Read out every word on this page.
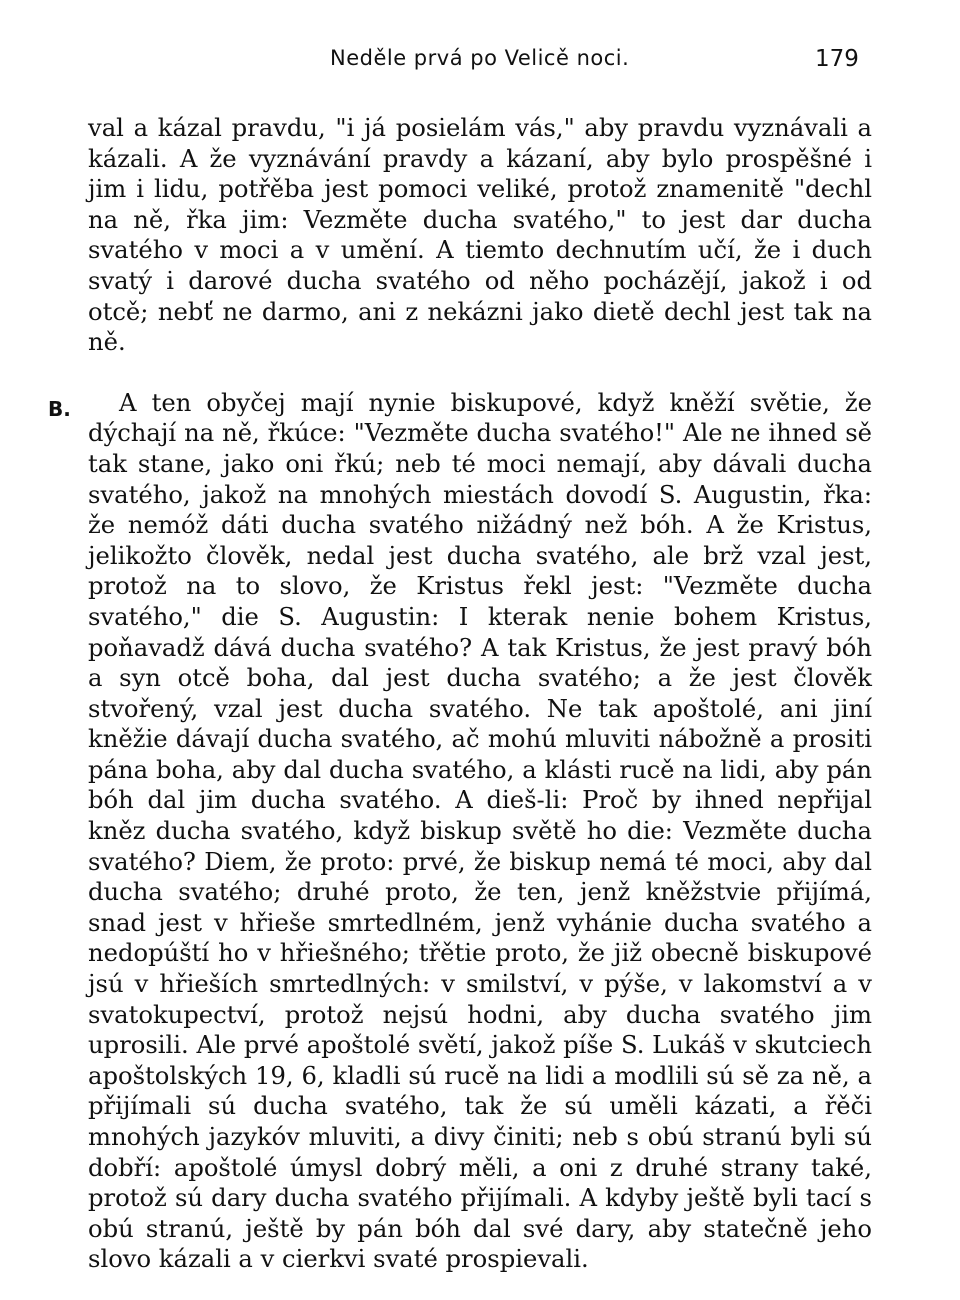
Neděle prvá po Velicě noci.	179
B.

val a kázal pravdu, "i já posielám vás," aby pravdu vyznávali a kázali. A že vyznávání pravdy a kázaní, aby bylo prospěšné i jim i lidu, potřěba jest pomoci veliké, protož znamenitě "dechl na ně, řka jim: Vezměte ducha svatého," to jest dar ducha svatého v moci a v umění. A tiemto dechnutím učí, že i duch svatý i darové ducha svatého od něho pocházějí, jakož i od otcě; nebť ne darmo, ani z nekázni jako dietě dechl jest tak na ně.

A ten obyčej mají nynie biskupové, když kněží světie, že dýchají na ně, řkúce: "Vezměte ducha svatého!" Ale ne ihned sě tak stane, jako oni řkú; neb té moci nemají, aby dávali ducha svatého, jakož na mnohých miestách dovodí S. Augustin, řka: že nemóž dáti ducha svatého nižádný než bóh. A že Kristus, jelikožto člověk, nedal jest ducha svatého, ale brž vzal jest, protož na to slovo, že Kristus řekl jest: "Vezměte ducha svatého," die S. Augustin: I kterak nenie bohem Kristus, poňavadž dává ducha svatého? A tak Kristus, že jest pravý bóh a syn otcě boha, dal jest ducha svatého; a že jest člověk stvořený, vzal jest ducha svatého. Ne tak apoštolé, ani jiní kněžie dávají ducha svatého, ač mohú mluviti nábožně a prositi pána boha, aby dal ducha svatého, a klásti rucě na lidi, aby pán bóh dal jim ducha svatého. A dieš-li: Proč by ihned nepřijal kněz ducha svatého, když biskup světě ho die: Vezměte ducha svatého? Diem, že proto: prvé, že biskup nemá té moci, aby dal ducha svatého; druhé proto, že ten, jenž kněžstvie přijímá, snad jest v hřieše smrtedlném, jenž vyhánie ducha svatého a nedopúští ho v hřiešného; třětie proto, že již obecně biskupové jsú v hřieších smrtedlných: v smilství, v pýše, v lakomství a v svatokupectví, protož nejsú hodni, aby ducha svatého jim uprosili. Ale prvé apoštolé světí, jakož píše S. Lukáš v skutciech apoštolských 19, 6, kladli sú rucě na lidi a modlili sú sě za ně, a přijímali sú ducha svatého, tak že sú uměli kázati, a řěči mnohých jazykóv mluviti, a divy činiti; neb s obú stranú byli sú dobří: apoštolé úmysl dobrý měli, a oni z druhé strany také, protož sú dary ducha svatého přijímali. A kdyby ještě byli tací s obú stranú, ještě by pán bóh dal své dary, aby statečně jeho slovo kázali a v cierkvi svaté prospievali.
